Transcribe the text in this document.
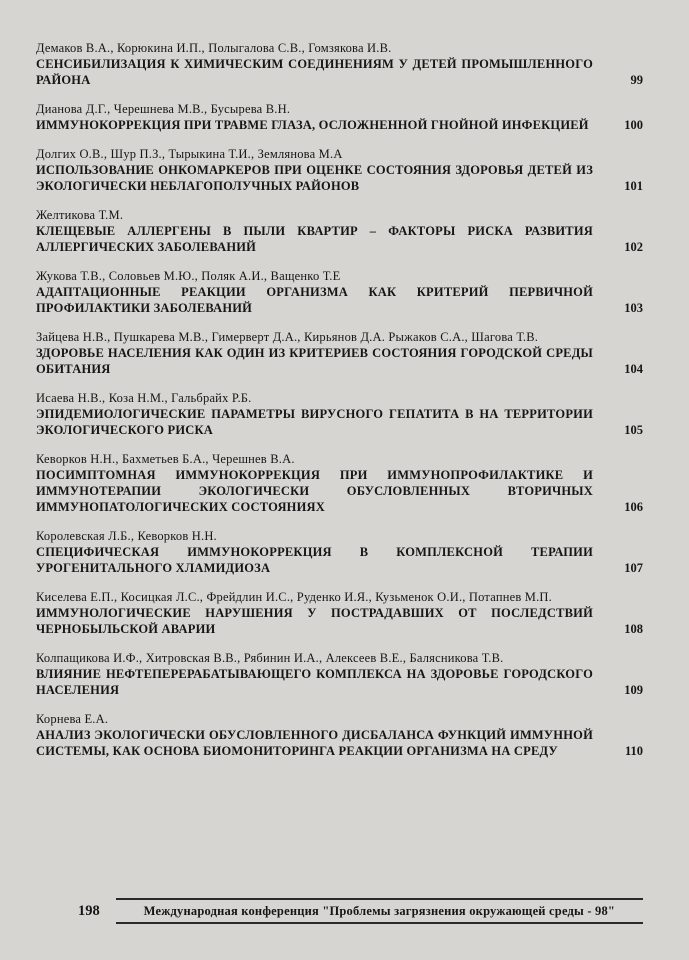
Демаков В.А., Корюкина И.П., Полыгалова С.В., Гомзякова И.В.
СЕНСИБИЛИЗАЦИЯ К ХИМИЧЕСКИМ СОЕДИНЕНИЯМ У ДЕТЕЙ ПРОМЫШЛЕННОГО РАЙОНА	99
Дианова Д.Г., Черешнева М.В., Бусырева В.Н.
ИММУНОКОРРЕКЦИЯ ПРИ ТРАВМЕ ГЛАЗА, ОСЛОЖНЕННОЙ ГНОЙНОЙ ИНФЕКЦИЕЙ	100
Долгих О.В., Шур П.З., Тырыкина Т.И., Землянова М.А
ИСПОЛЬЗОВАНИЕ ОНКОМАРКЕРОВ ПРИ ОЦЕНКЕ СОСТОЯНИЯ ЗДОРОВЬЯ ДЕТЕЙ ИЗ ЭКОЛОГИЧЕСКИ НЕБЛАГОПОЛУЧНЫХ РАЙОНОВ	101
Желтикова Т.М.
КЛЕЩЕВЫЕ АЛЛЕРГЕНЫ В ПЫЛИ КВАРТИР – ФАКТОРЫ РИСКА РАЗВИТИЯ АЛЛЕРГИЧЕСКИХ ЗАБОЛЕВАНИЙ	102
Жукова Т.В., Соловьев М.Ю., Поляк А.И., Ващенко Т.Е
АДАПТАЦИОННЫЕ РЕАКЦИИ ОРГАНИЗМА КАК КРИТЕРИЙ ПЕРВИЧНОЙ ПРОФИЛАКТИКИ ЗАБОЛЕВАНИЙ	103
Зайцева Н.В., Пушкарева М.В., Гимерверт Д.А., Кирьянов Д.А. Рыжаков С.А., Шагова Т.В.
ЗДОРОВЬЕ НАСЕЛЕНИЯ КАК ОДИН ИЗ КРИТЕРИЕВ СОСТОЯНИЯ ГОРОДСКОЙ СРЕДЫ ОБИТАНИЯ	104
Исаева Н.В., Коза Н.М., Гальбрайх Р.Б.
ЭПИДЕМИОЛОГИЧЕСКИЕ ПАРАМЕТРЫ ВИРУСНОГО ГЕПАТИТА В НА ТЕРРИТОРИИ ЭКОЛОГИЧЕСКОГО РИСКА	105
Кеворков Н.Н., Бахметьев Б.А., Черешнев В.А.
ПОСИМПТОМНАЯ ИММУНОКОРРЕКЦИЯ ПРИ ИММУНОПРОФИЛАКТИКЕ И ИММУНОТЕРАПИИ ЭКОЛОГИЧЕСКИ ОБУСЛОВЛЕННЫХ ВТОРИЧНЫХ ИММУНОПАТОЛОГИЧЕСКИХ СОСТОЯНИЯХ	106
Королевская Л.Б., Кеворков Н.Н.
СПЕЦИФИЧЕСКАЯ ИММУНОКОРРЕКЦИЯ В КОМПЛЕКСНОЙ ТЕРАПИИ УРОГЕНИТАЛЬНОГО ХЛАМИДИОЗА	107
Киселева Е.П., Косицкая Л.С., Фрейдлин И.С., Руденко И.Я., Кузьменок О.И., Потапнев М.П.
ИММУНОЛОГИЧЕСКИЕ НАРУШЕНИЯ У ПОСТРАДАВШИХ ОТ ПОСЛЕДСТВИЙ ЧЕРНОБЫЛЬСКОЙ АВАРИИ	108
Колпащикова И.Ф., Хитровская В.В., Рябинин И.А., Алексеев В.Е., Балясникова Т.В.
ВЛИЯНИЕ НЕФТЕПЕРЕРАБАТЫВАЮЩЕГО КОМПЛЕКСА НА ЗДОРОВЬЕ ГОРОДСКОГО НАСЕЛЕНИЯ	109
Корнева Е.А.
АНАЛИЗ ЭКОЛОГИЧЕСКИ ОБУСЛОВЛЕННОГО ДИСБАЛАНСА ФУНКЦИЙ ИММУННОЙ СИСТЕМЫ, КАК ОСНОВА БИОМОНИТОРИНГА РЕАКЦИИ ОРГАНИЗМА НА СРЕДУ	110
198	Международная конференция "Проблемы загрязнения окружающей среды - 98"
